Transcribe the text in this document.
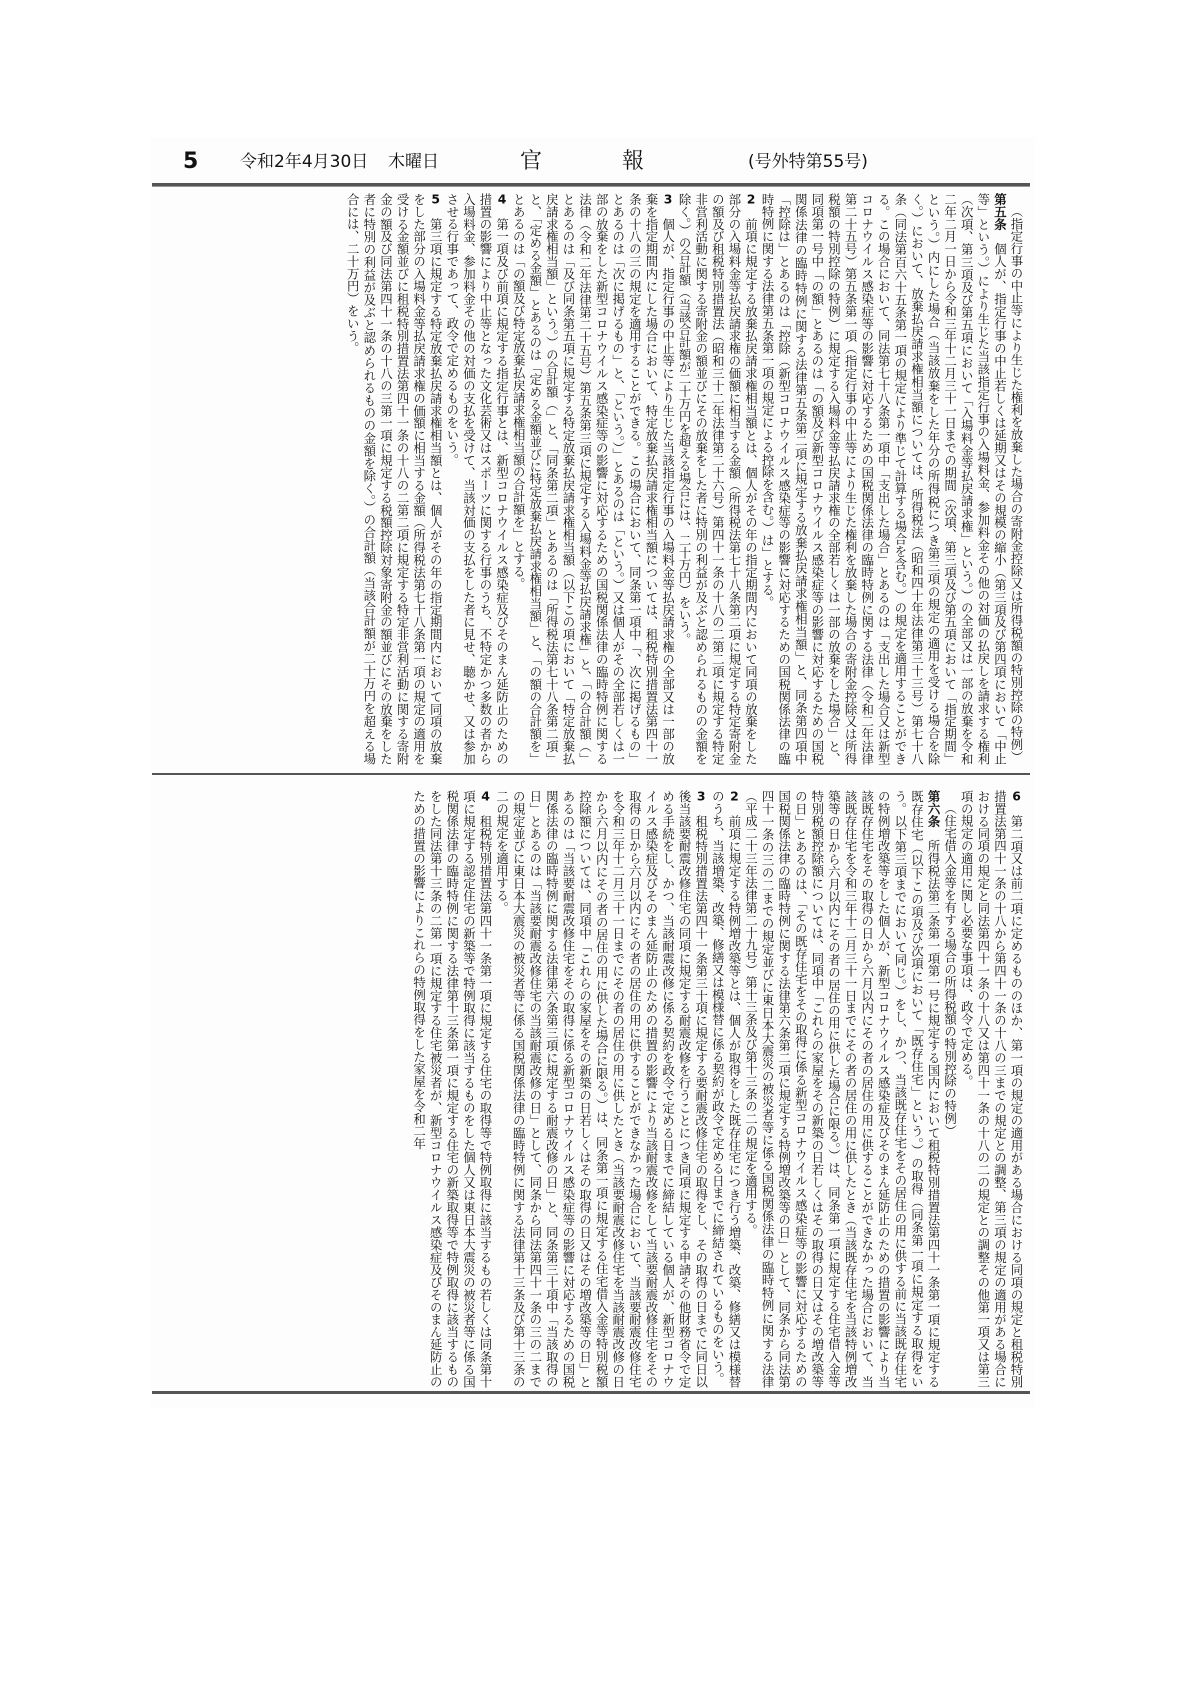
5 令和2年4月30日 木曜日	官	報	(号外特第55号)

（指定行事の中止等により生じた権利を放棄した場合の寄附金控除又は所得税額の特別控除の特例）

第五条個人が、指定行事の中止若しくは延期又はその規模の縮小（第三項及び第四項において「中止等」という。）により生じた当該指定行事の入場料金、参加料金その他の対価の払戻しを請求する権利（次項、第三項及び第五項において「入場料金等払戻請求権」という。）の全部又は一部の放棄を令和二年二月一日から令和三年十二月三十一日までの期間（次項、第三項及び第五項において「指定期間」という。）内にした場合（当該放棄をした年分の所得税につき第三項の規定の適用を受ける場合を除く。）において、放棄払戻請求権相当額については、所得税法（昭和四十年法律第三十三号）第七十八条（同法第百六十五条第一項の規定により準じて計算する場合を含む。）の規定を適用することができる。この場合において、同法第七十八条第一項中「支出した場合」とあるのは「支出した場合又は新型コロナウイルス感染症等の影響に対応するための国税関係法律の臨時特例に関する法律（令和二年法律第二十五号）第五条第一項（指定行事の中止等により生じた権利を放棄した場合の寄附金控除又は所得税額の特別控除の特例）に規定する入場料金等払戻請求権の全部若しくは一部の放棄をした場合」と、同項第一号中「の額」とあるのは「の額及び新型コロナウイルス感染症等の影響に対応するための国税関係法律の臨時特例に関する法律第五条第二項に規定する放棄払戻請求権相当額」と、同条第四項中「控除は」とあるのは「控除（新型コロナウイルス感染症等の影響に対応するための国税関係法律の臨時特例に関する法律第五条第一項の規定による控除を含む。）は」とする。

2　前項に規定する放棄払戻請求権相当額とは、個人がその年の指定期間内において同項の放棄をした部分の入場料金等払戻請求権の価額に相当する金額（所得税法第七十八条第二項に規定する特定寄附金の額及び租税特別措置法（昭和三十二年法律第二十六号）第四十一条の十八の二第二項に規定する特定非営利活動に関する寄附金の額並びにその放棄をした者に特別の利益が及ぶと認められるものの金額を除く。）の合計額（当該合計額が二十万円を超える場合には、二十万円）をいう。

3　個人が、指定行事の中止等により生じた当該指定行事の入場料金等払戻請求権の全部又は一部の放棄を指定期間内にした場合において、特定放棄払戻請求権相当額については、租税特別措置法第四十一条の十八の三の規定を適用することができる。この場合において、同条第一項中「、次に掲げるもの」とあるのは「次に掲げるもの」と、「という。）」とあるのは「という。）又は個人がその全部若しくは一部の放棄をした新型コロナウイルス感染症等の影響に対応するための国税関係法律の臨時特例に関する法律（令和二年法律第二十五号）第五条第三項に規定する入場料金等払戻請求権」と、「の合計額（」とあるのは「及び同条第五項に規定する特定放棄払戻請求権相当額（以下この項において「特定放棄払戻請求権相当額」という。）の合計額（」と、「同条第二項」とあるのは「所得税法第七十八条第二項」と、「定める金額」とあるのは「定める金額並びに特定放棄払戻請求権相当額」と、「の額の合計額を」とあるのは「の額及び特定放棄払戻請求権相当額の合計額を」とする。

4　第一項及び前項に規定する指定行事とは、新型コロナウイルス感染症及びそのまん延防止のための措置の影響により中止等となった文化芸術又はスポーツに関する行事のうち、不特定かつ多数の者から入場料金、参加料金その他の対価の支払を受けて、当該対価の支払をした者に見せ、聴かせ、又は参加させる行事であって、政令で定めるものをいう。

5　第三項に規定する特定放棄払戻請求権相当額とは、個人がその年の指定期間内において同項の放棄をした部分の入場料金等払戻請求権の価額に相当する金額（所得税法第七十八条第一項の規定の適用を受ける金額並びに租税特別措置法第四十一条の十八の二第二項に規定する特定非営利活動に関する寄附金の額及び同法第四十一条の十八の三第一項に規定する税額控除対象寄附金の額並びにその放棄をした者に特別の利益が及ぶと認められるものの金額を除く。）の合計額（当該合計額が二十万円を超える場合には、二十万円）をいう。

6　第二項又は前二項に定めるもののほか、第一項の規定の適用がある場合における同項の規定と租税特別措置法第四十一条の十八から第四十一条の十八の三までの規定との調整、第三項の規定の適用がある場合における同項の規定と同法第四十一条の十八又は第四十一条の十八の二の規定との調整その他第一項又は第三項の規定の適用に関し必要な事項は、政令で定める。

（住宅借入金等を有する場合の所得税額の特別控除の特例）

第六条所得税法第二条第一項第一号に規定する国内において租税特別措置法第四十一条第一項に規定する既存住宅（以下この項及び次項において「既存住宅」という。）の取得（同条第一項に規定する取得をいう。以下第三項までにおいて同じ。）をし、かつ、当該既存住宅をその居住の用に供する前に当該既存住宅の特例増改築等をした個人が、新型コロナウイルス感染症及びそのまん延防止のための措置の影響により当該既存住宅をその取得の日から六月以内にその者の居住の用に供することができなかった場合において、当該既存住宅を令和三年十二月三十一日までにその者の居住の用に供したとき（当該既存住宅を当該特例増改築等の日から六月以内にその者の居住の用に供した場合に限る。）は、同条第一項に規定する住宅借入金等特別税額控除額については、同項中「これらの家屋をその新築の日若しくはその取得の日又はその増改築等の日」とあるのは、「その既存住宅をその取得に係る新型コロナウイルス感染症等の影響に対応するための国税関係法律の臨時特例に関する法律第六条第二項に規定する特例増改築等の日」として、同条から同法第四十一条の三の二までの規定並びに東日本大震災の被災者等に係る国税関係法律の臨時特例に関する法律（平成二十三年法律第二十九号）第十三条及び第十三条の二の規定を適用する。

2　前項に規定する特例増改築等とは、個人が取得をした既存住宅につき行う増築、改築、修繕又は模様替のうち、当該増築、改築、修繕又は模様替に係る契約が政令で定める日までに締結されているものをいう。

3　租税特別措置法第四十一条第三十項に規定する要耐震改修住宅の取得をし、その取得の日までに同日以後当該要耐震改修住宅の同項に規定する耐震改修を行うことにつき同項に規定する申請その他財務省令で定める手続をし、かつ、当該耐震改修に係る契約を政令で定める日までに締結している個人が、新型コロナウイルス感染症及びそのまん延防止のための措置の影響により当該耐震改修をして当該要耐震改修住宅をその取得の日から六月以内にその者の居住の用に供することができなかった場合において、当該要耐震改修住宅を令和三年十二月三十一日までにその者の居住の用に供したとき（当該要耐震改修住宅を当該耐震改修の日から六月以内にその者の居住の用に供した場合に限る。）は、同条第一項に規定する住宅借入金等特別税額控除額については、同項中「これらの家屋をその新築の日若しくはその取得の日又はその増改築等の日」とあるのは「当該要耐震改修住宅をその取得に係る新型コロナウイルス感染症等の影響に対応するための国税関係法律の臨時特例に関する法律第六条第三項に規定する耐震改修の日」と、同条第三十項中「当該取得の日」とあるのは「当該要耐震改修住宅の当該耐震改修の日」として、同条から同法第四十一条の三の二までの規定並びに東日本大震災の被災者等に係る国税関係法律の臨時特例に関する法律第十三条及び第十三条の二の規定を適用する。

4　租税特別措置法第四十一条第一項に規定する住宅の取得等で特例取得に該当するもの若しくは同条第十項に規定する認定住宅の新築等で特例取得に該当するものをした個人又は東日本大震災の被災者等に係る国税関係法律の臨時特例に関する法律第十三条第一項に規定する住宅の新築取得等で特例取得に該当するものをした同法第十三条の二第一項に規定する住宅被災者が、新型コロナウイルス感染症及びそのまん延防止のための措置の影響によりこれらの特例取得をした家屋を令和二年
